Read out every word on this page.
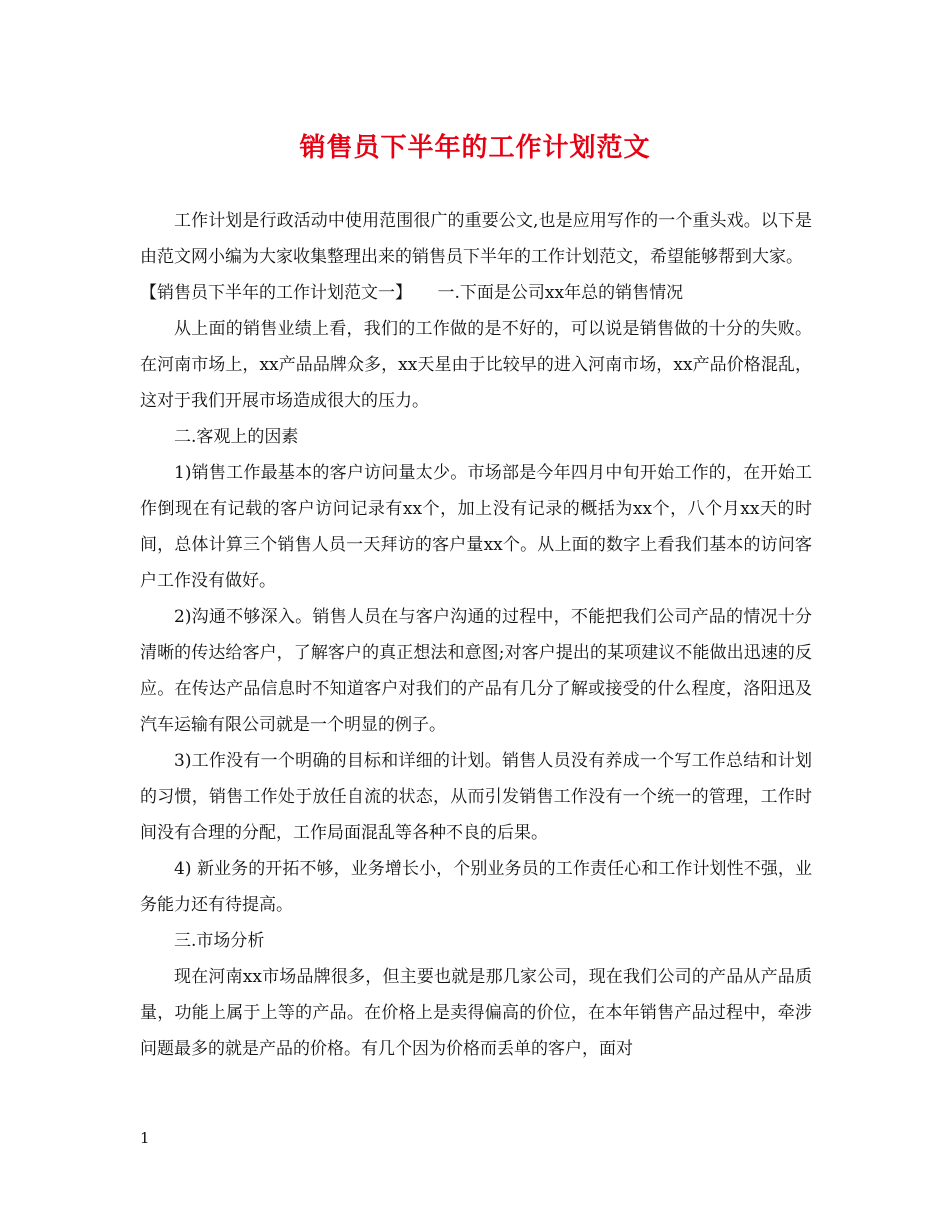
销售员下半年的工作计划范文

工作计划是行政活动中使用范围很广的重要公文,也是应用写作的一个重头戏。以下是由范文网小编为大家收集整理出来的销售员下半年的工作计划范文，希望能够帮到大家。

【销售员下半年的工作计划范文一】　　一.下面是公司xx年总的销售情况

从上面的销售业绩上看，我们的工作做的是不好的，可以说是销售做的十分的失败。在河南市场上，xx产品品牌众多，xx天星由于比较早的进入河南市场，xx产品价格混乱，这对于我们开展市场造成很大的压力。

二.客观上的因素

1)销售工作最基本的客户访问量太少。市场部是今年四月中旬开始工作的，在开始工作倒现在有记载的客户访问记录有xx个，加上没有记录的概括为xx个，八个月xx天的时间，总体计算三个销售人员一天拜访的客户量xx个。从上面的数字上看我们基本的访问客户工作没有做好。

2)沟通不够深入。销售人员在与客户沟通的过程中，不能把我们公司产品的情况十分清晰的传达给客户，了解客户的真正想法和意图;对客户提出的某项建议不能做出迅速的反应。在传达产品信息时不知道客户对我们的产品有几分了解或接受的什么程度，洛阳迅及汽车运输有限公司就是一个明显的例子。

3)工作没有一个明确的目标和详细的计划。销售人员没有养成一个写工作总结和计划的习惯，销售工作处于放任自流的状态，从而引发销售工作没有一个统一的管理，工作时间没有合理的分配，工作局面混乱等各种不良的后果。

4) 新业务的开拓不够，业务增长小，个别业务员的工作责任心和工作计划性不强，业务能力还有待提高。

三.市场分析

现在河南xx市场品牌很多，但主要也就是那几家公司，现在我们公司的产品从产品质量，功能上属于上等的产品。在价格上是卖得偏高的价位，在本年销售产品过程中，牵涉问题最多的就是产品的价格。有几个因为价格而丢单的客户，面对

1
